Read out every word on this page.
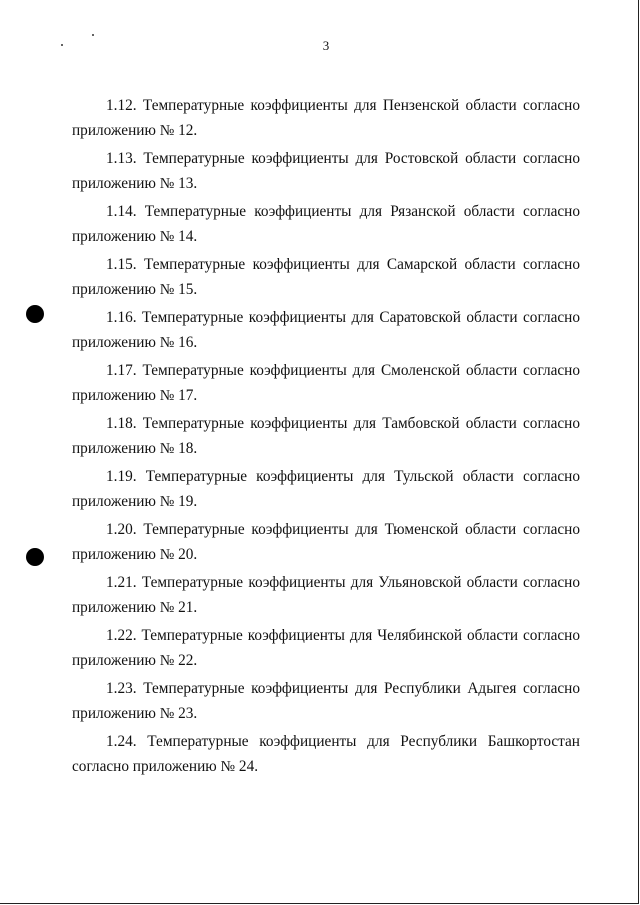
3

1.12. Температурные коэффициенты для Пензенской области согласно
приложению № 12.

1.13. Температурные коэффициенты для Ростовской области согласно
приложению № 13.

1.14. Температурные коэффициенты для Рязанской области согласно
приложению № 14.

1.15. Температурные коэффициенты для Самарской области согласно
приложению № 15.

1.16. Температурные коэффициенты для Саратовской области согласно
приложению № 16.

1.17. Температурные коэффициенты для Смоленской области согласно
приложению № 17.

1.18. Температурные коэффициенты для Тамбовской области согласно
приложению № 18.

1.19. Температурные коэффициенты для Тульской области согласно
приложению № 19.

1.20. Температурные коэффициенты для Тюменской области согласно
приложению № 20.

1.21. Температурные коэффициенты для Ульяновской области согласно
приложению № 21.

1.22. Температурные коэффициенты для Челябинской области согласно
приложению № 22.

1.23. Температурные коэффициенты для Республики Адыгея согласно
приложению № 23.

1.24. Температурные коэффициенты для Республики Башкортостан
согласно приложению № 24.
